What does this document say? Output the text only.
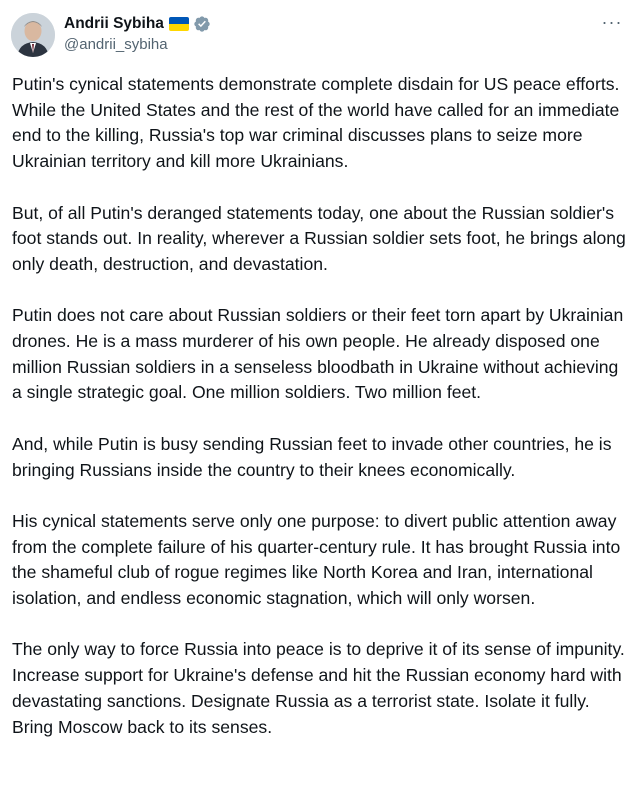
Andrii Sybiha
@andrii_sybiha
···

Putin's cynical statements demonstrate complete disdain for US peace efforts. While the United States and the rest of the world have called for an immediate end to the killing, Russia's top war criminal discusses plans to seize more Ukrainian territory and kill more Ukrainians.

But, of all Putin's deranged statements today, one about the Russian soldier's foot stands out. In reality, wherever a Russian soldier sets foot, he brings along only death, destruction, and devastation.

Putin does not care about Russian soldiers or their feet torn apart by Ukrainian drones. He is a mass murderer of his own people. He already disposed one million Russian soldiers in a senseless bloodbath in Ukraine without achieving a single strategic goal. One million soldiers. Two million feet.

And, while Putin is busy sending Russian feet to invade other countries, he is bringing Russians inside the country to their knees economically.

His cynical statements serve only one purpose: to divert public attention away from the complete failure of his quarter-century rule. It has brought Russia into the shameful club of rogue regimes like North Korea and Iran, international isolation, and endless economic stagnation, which will only worsen.

The only way to force Russia into peace is to deprive it of its sense of impunity. Increase support for Ukraine's defense and hit the Russian economy hard with devastating sanctions. Designate Russia as a terrorist state. Isolate it fully. Bring Moscow back to its senses.
